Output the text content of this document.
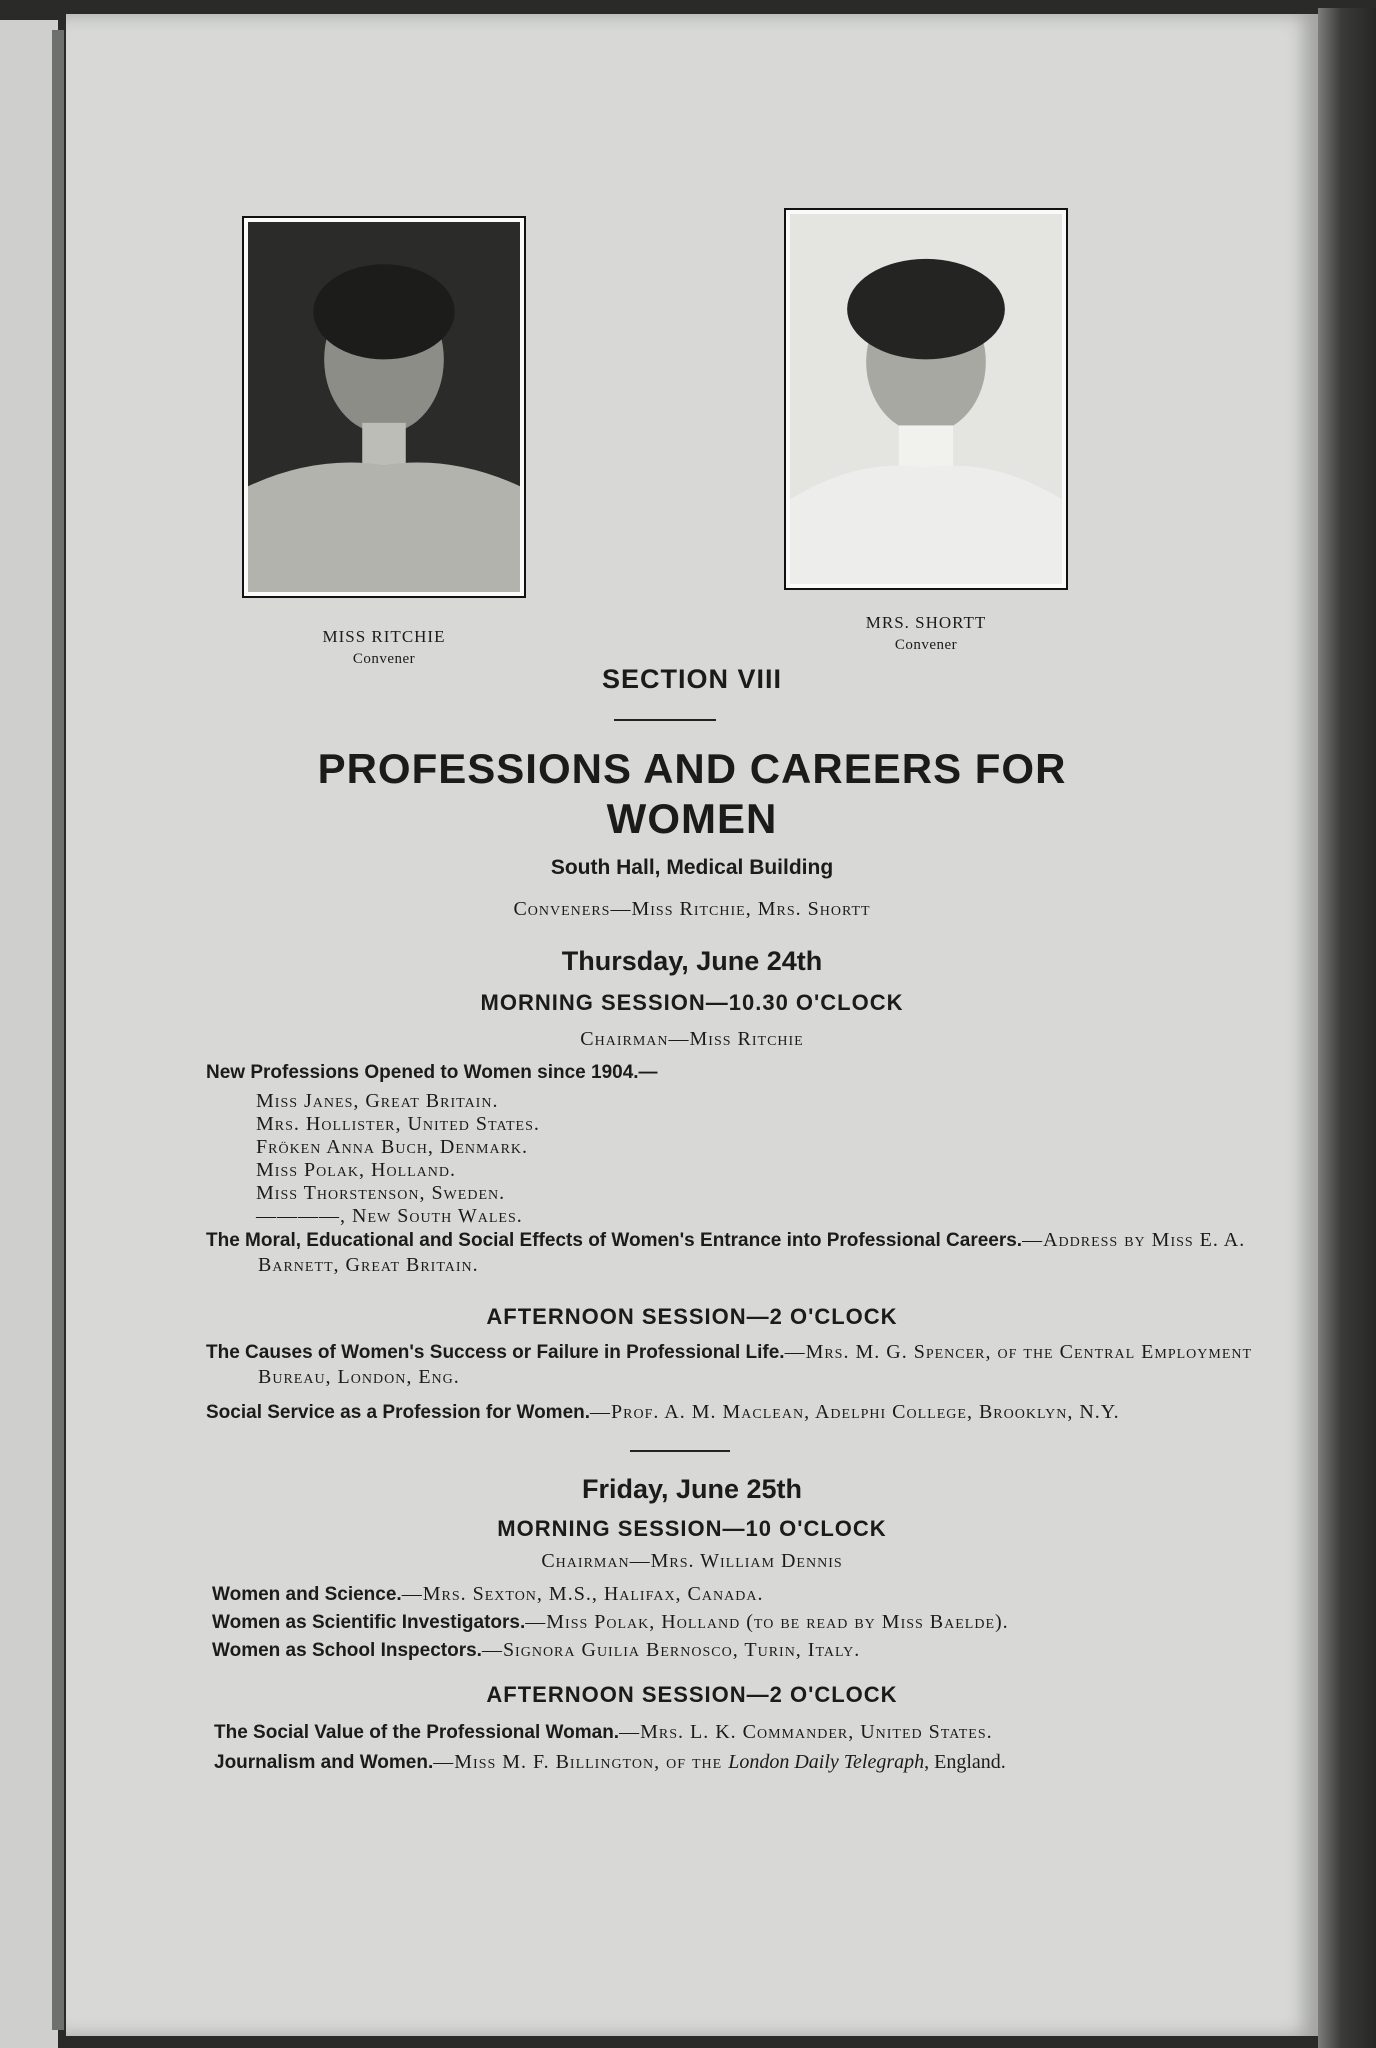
MISS RITCHIE
Convener
MRS. SHORTT
Convener
SECTION VIII
PROFESSIONS AND CAREERS FOR
WOMEN
South Hall, Medical Building
Conveners—Miss Ritchie, Mrs. Shortt
Thursday, June 24th
MORNING SESSION—10.30 O'CLOCK
Chairman—Miss Ritchie
New Professions Opened to Women since 1904.—
Miss Janes, Great Britain.
Mrs. Hollister, United States.
Fröken Anna Buch, Denmark.
Miss Polak, Holland.
Miss Thorstenson, Sweden.
————, New South Wales.
The Moral, Educational and Social Effects of Women's Entrance into Professional Careers.—Address by Miss E. A. Barnett, Great Britain.
AFTERNOON SESSION—2 O'CLOCK
The Causes of Women's Success or Failure in Professional Life.—Mrs. M. G. Spencer, of the Central Employment Bureau, London, Eng.
Social Service as a Profession for Women.—Prof. A. M. Maclean, Adelphi College, Brooklyn, N.Y.
Friday, June 25th
MORNING SESSION—10 O'CLOCK
Chairman—Mrs. William Dennis
Women and Science.—Mrs. Sexton, M.S., Halifax, Canada.
Women as Scientific Investigators.—Miss Polak, Holland (to be read by Miss Baelde).
Women as School Inspectors.—Signora Guilia Bernosco, Turin, Italy.
AFTERNOON SESSION—2 O'CLOCK
The Social Value of the Professional Woman.—Mrs. L. K. Commander, United States.
Journalism and Women.—Miss M. F. Billington, of the London Daily Telegraph, England.
